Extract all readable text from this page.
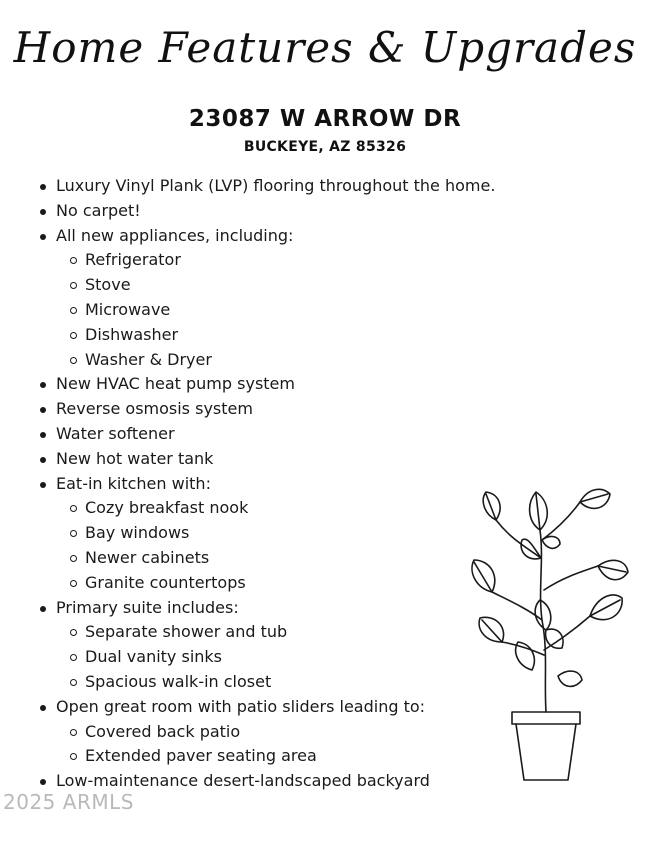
Home Features & Upgrades
23087 W ARROW DR
BUCKEYE, AZ 85326
Luxury Vinyl Plank (LVP) flooring throughout the home.
No carpet!
All new appliances, including:
Refrigerator
Stove
Microwave
Dishwasher
Washer & Dryer
New HVAC heat pump system
Reverse osmosis system
Water softener
New hot water tank
Eat-in kitchen with:
Cozy breakfast nook
Bay windows
Newer cabinets
Granite countertops
Primary suite includes:
Separate shower and tub
Dual vanity sinks
Spacious walk-in closet
Open great room with patio sliders leading to:
Covered back patio
Extended paver seating area
Low-maintenance desert-landscaped backyard
2025 ARMLS
